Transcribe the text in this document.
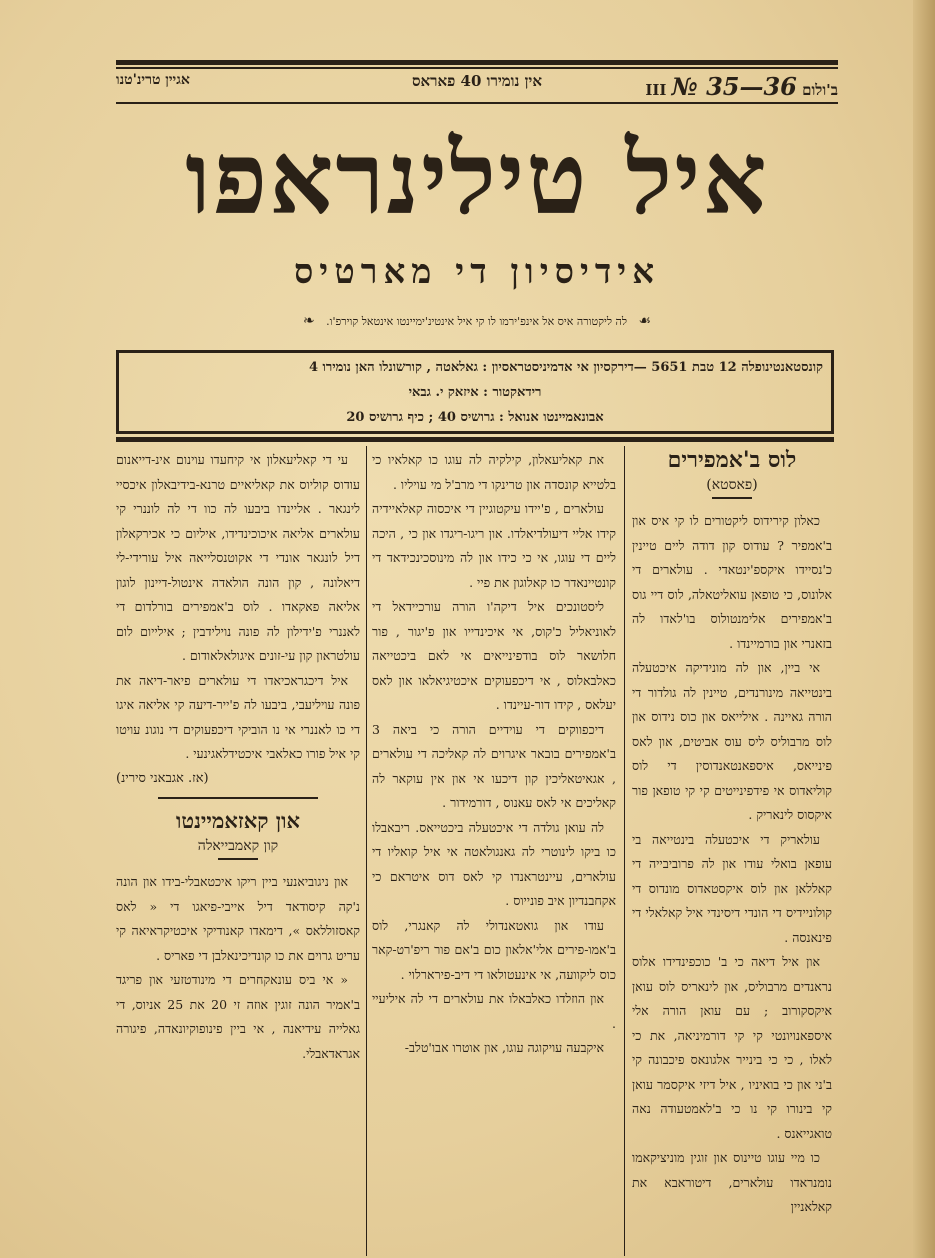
ב'ולום III № 35—36
אין נומירו 40 פאראס
אגיין טרינ'טנו
איל טילינראפו
אידיסיון די מארטיס
☙ לה ליקטורה איס אל אינפ'ירמו לו קי איל אינטינ'ימיינטו אינטאל קוירפ'ו. ❧
קונסטאנטינופלה 12 טבת 5651 —דירקסיון אי אדמיניסטראסיון : גאלאטה , קורשונלו האן נומירו 4
רידאקטור : איזאק י. גבאי
אבונאמיינטו אנואל : גרושיס 40 ; כיף גרושיס 20

לוס ב'אמפירים

(פאסטא)

כאלון קירידוס ליקטורים לו קי איס און ב'אמפיר ? עודוס קון דודה ליים טיינין כ'נסיידו איקספ'ינטאדי . עולארים די אלונוס, כי טופאן עואליטאלה, לוס דיי גוס ב'אמפירים אלימנטולוס בו'לאדו לה בזאנרי און בורמיינדו .

אי ביין, און לה מונידיקה איכטעלה בינטייאה מינורנדים, טיינין לה גולדור די הורה גאיינה . אילייאס און כוס נידוס און לוס מרבוליס ליס עוס אביטים, און לאס פינייאס, איספאנטאנדוסין די לוס קוליאדוס אי פידפינייטים קי קי טופאן פור איקסוס לינאריק .

עולאריק די איכטעלה בינטייאה בי עופאן בואלי עודו און לה פרוביבייה די קאללאן און לוס איקסטאדוס מונדוס די קולוניידיס די הונדי דיסינדי איל קאלאלי די פינאנסה .

און איל דיאה כי ב' כוכפינדידו אלוס נראנדים מרבוליס, און לינאריס לוס עואן איקסקורוב ; עם עואן הורה אלי איספאנויונטי קי קי דורמיניאה, את כי לאלו , כי כי בינייר אלגונאס פיכבונה קי ב'ני און כי בואיניו , איל דיזי איקסמר עואן קי בינורו קי נו כי ב'לאמטעודה נאה טואגייאנס .

כו מיי עוגו טיינוס און זוגין מוניציקאמו נומנראדו עולארים, דיטוראבא את קאלאניין

את קאליעאלון, קילקיה לה עוגו כו קאלאיו כי בלטייא קונסדה און טרינקו די מרב'ל מי עויליו .

עולארים , פ'יידו עיקטוגיין די איכסוה קאלאיידיה קידו אליי דיעולדיאלדו. און ריגו-ריגדו און כי , היכה ליים די עוגו, אי כי כידו און לה מינוסכינכידאד די קונטיינאדר כו קאלוגון את פיי .

ליסטונכים איל דיקה'ו הורה עורכיידאל די לאוניאליל כ'קוס, אי איכינדייו און פ'יגור , פור חלושאר לוס בודפינייאים אי לאם ביכטייאה כאלבאלוס , אי דיכפעוקים איכטיגיאלאו און לאס יעלאס , קידו דור-עיינדו .

דיכפווקים די עוידיים הורה כי ביאה 3 ב'אמפירים בובאר איגרוים לה קאליכה די עולארים , אגאיטאליכין קון דיכעו אי און אין עוקאר לה קאליכים אי לאס עאנוס ‚ דורמידור .

לה עואן גולדה די איכטעלה ביכטייאס. ריבאבלו כו ביקו לינוטרי לה גאנגולאטה אי איל קואליו די עולארים, עיינטראנדו קי לאס דוס איטראם כי אקחבנדיון איב פונייוס .

עודו און גואטאנדולי לה קאנגרי, לוס ב'אמו-פירים אלי'אלאון כום ב'אם פור ריפ'רט-קאר כוס ליקוועה, אי אינעטולאו די דיב-פירארלוי .

און הוזלדו כאלבאלו את עולארים די לה איליעיי .

איקבעה עויקוגה עוגו, און אוטרו אבו'טלב-

עי די קאליעאלון אי קיחעדו עוינום אינ-דייאנום עודוס קוליוס את קאליאיים טרנא-בידיבאלון איכסיי לינגאר . אליינדו ביבעו לה כוו די לה לוננרי קי עולארים אליאה איכוכינדידו, איליום כי אכירקאלון דיל לונגאר אונדי די אקוטנסלייאה איל עורידי-לי דיאלונה , קון הונה הולאדה אינטול-דיינון לוגון אליאה פאקאדו . לוס ב'אמפירים בורלדום די לאננרי פ'ידילון לה פונה נוילידבין ; אילייום לום עולטראון קון עי-זונים איגולאלאודום .

איל דיכגראכיאדו די עולארים פיאר-דיאה את פונה עויליעבי, ביבעו לה פ'ייר-דיעה קי אליאה איגו די כו לאננרי אי נו הוביקי דיכפעוקים די נוגונ עויטו קי איל פורו כאלאבי איכטידלאגינעי .

(אז. אגבאני סירינ)

און קאזאמיינטו

קון קאמבייאלה

און ניגוביאנעי ביין ריקו איכטאבלי-בידו און הונה נ'קה קיסודאד דיל אייבי-פיאגו די « לאס קאסזוללאס », דימאדו קאנודיקי איכטיקראיאה קי עריט גרוים את כו קונדיכינאלבן די פאריס .

« אי ביס עונאקחרים די מינודטזעי און פריגד ב'אמיר הונה זוגין אוזה זי 20 את 25 אניוס, די גאלייה עידיאנה , אי ביין פינופוקיונאדה, פיגורה אגראדאבלי.
